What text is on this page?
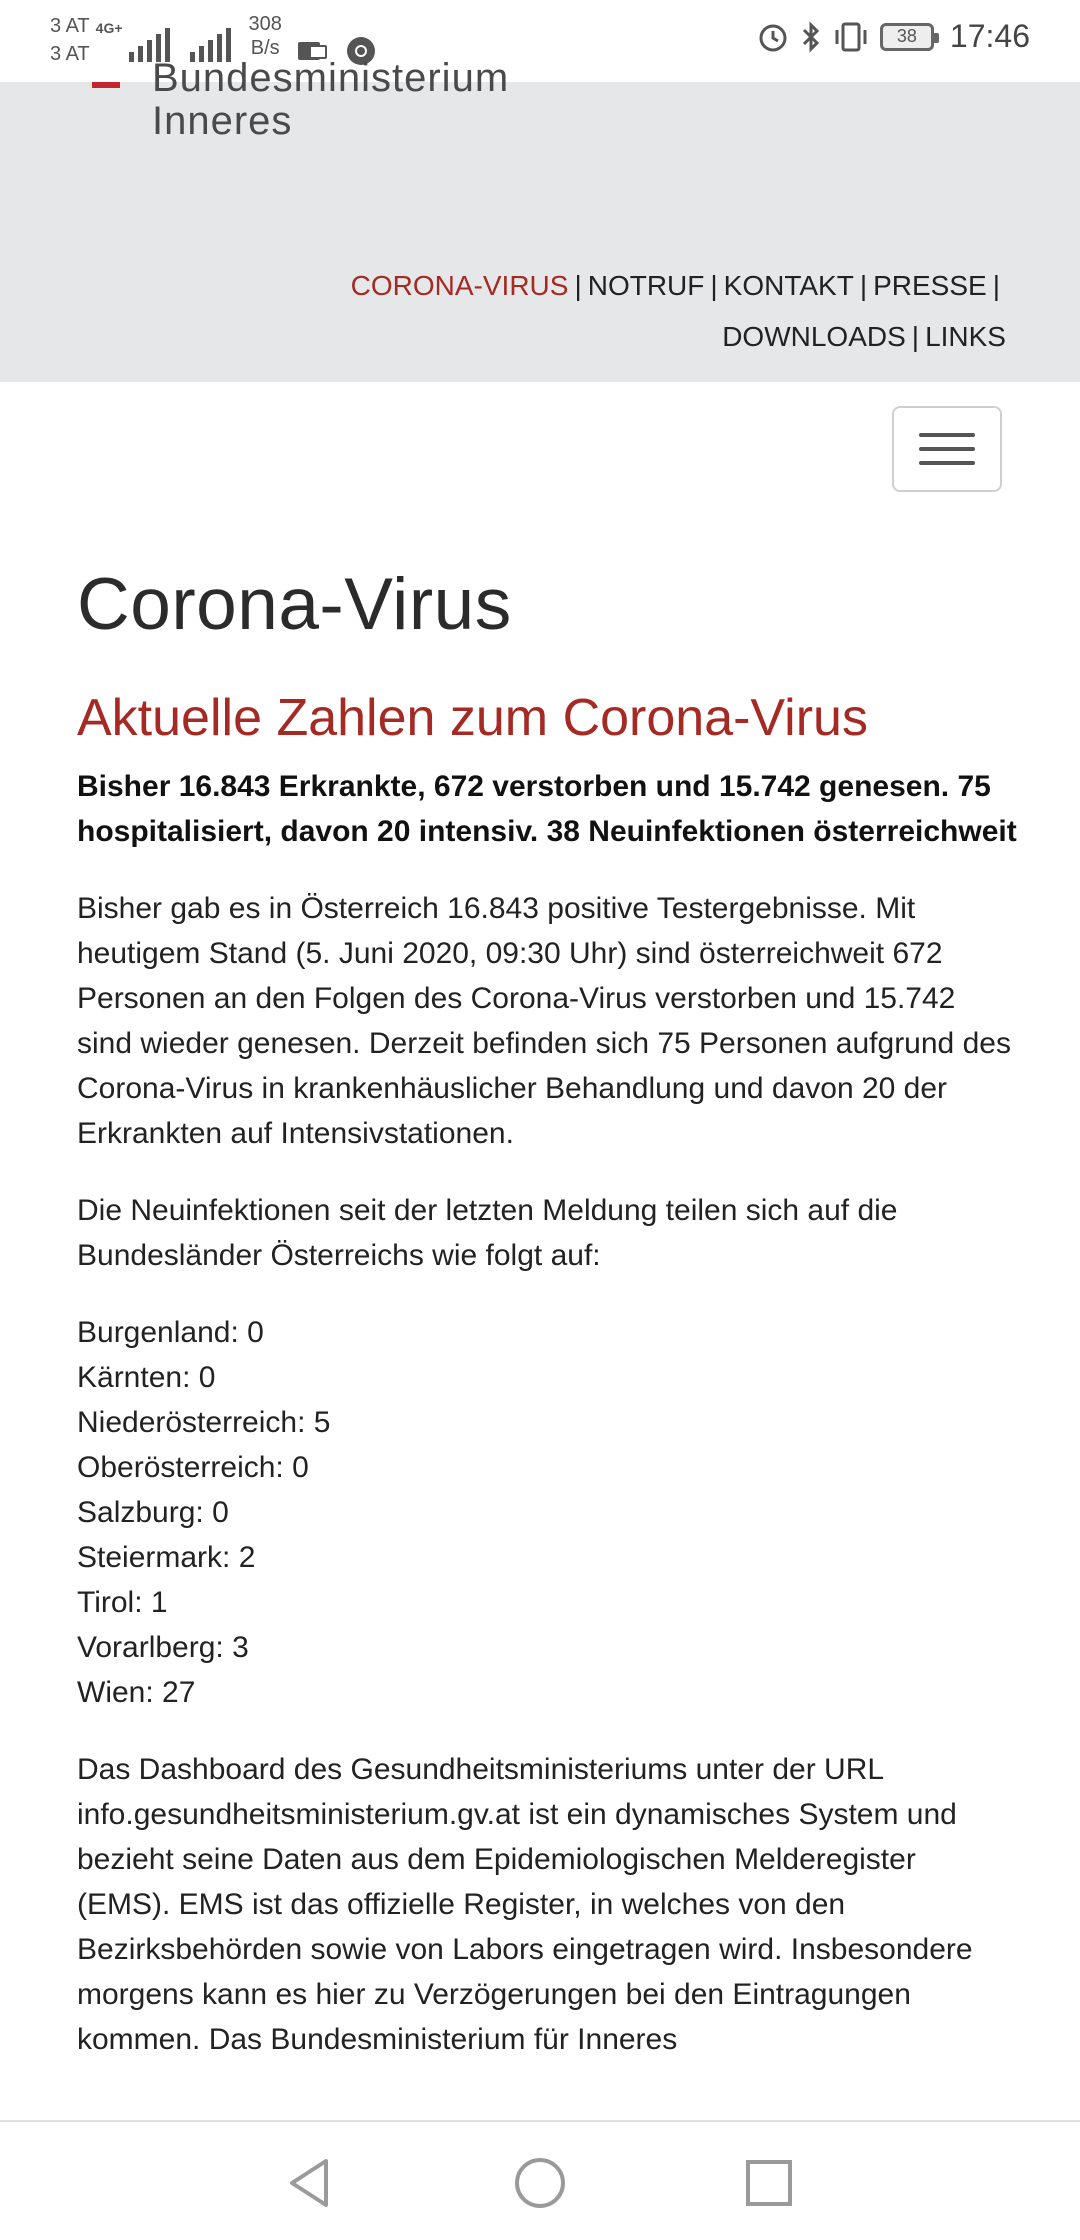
3 AT
3 AT
4G+	308
B/s
38 17:46
Bundesministerium
Inneres
CORONA-VIRUS | NOTRUF | KONTAKT | PRESSE |
DOWNLOADS | LINKS
Corona-Virus
Aktuelle Zahlen zum Corona-Virus

Bisher 16.843 Erkrankte, 672 verstorben und 15.742 genesen. 75 hospitalisiert, davon 20 intensiv. 38 Neuinfektionen österreichweit

Bisher gab es in Österreich 16.843 positive Testergebnisse. Mit heutigem Stand (5. Juni 2020, 09:30 Uhr) sind österreichweit 672 Personen an den Folgen des Corona-Virus verstorben und 15.742 sind wieder genesen. Derzeit befinden sich 75 Personen aufgrund des Corona-Virus in krankenhäuslicher Behandlung und davon 20 der Erkrankten auf Intensivstationen.

Die Neuinfektionen seit der letzten Meldung teilen sich auf die Bundesländer Österreichs wie folgt auf:

Burgenland: 0
Kärnten: 0
Niederösterreich: 5
Oberösterreich: 0
Salzburg: 0
Steiermark: 2
Tirol: 1
Vorarlberg: 3
Wien: 27

Das Dashboard des Gesundheitsministeriums unter der URL info.gesundheitsministerium.gv.at ist ein dynamisches System und bezieht seine Daten aus dem Epidemiologischen Melderegister (EMS). EMS ist das offizielle Register, in welches von den Bezirksbehörden sowie von Labors eingetragen wird. Insbesondere morgens kann es hier zu Verzögerungen bei den Eintragungen kommen. Das Bundesministerium für Inneres
